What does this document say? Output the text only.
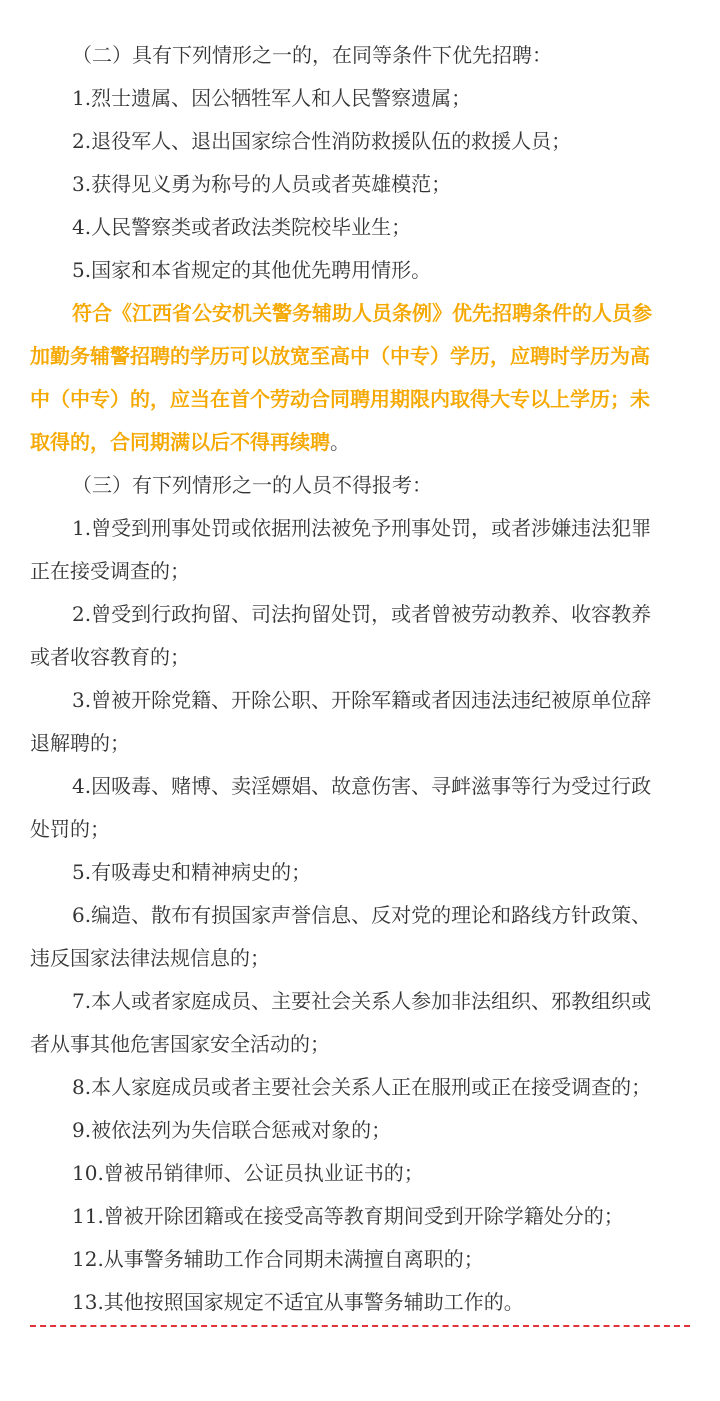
（二）具有下列情形之一的，在同等条件下优先招聘：
1.烈士遗属、因公牺牲军人和人民警察遗属；
2.退役军人、退出国家综合性消防救援队伍的救援人员；
3.获得见义勇为称号的人员或者英雄模范；
4.人民警察类或者政法类院校毕业生；
5.国家和本省规定的其他优先聘用情形。
符合《江西省公安机关警务辅助人员条例》优先招聘条件的人员参
加勤务辅警招聘的学历可以放宽至高中（中专）学历，应聘时学历为高
中（中专）的，应当在首个劳动合同聘用期限内取得大专以上学历；未
取得的，合同期满以后不得再续聘。
（三）有下列情形之一的人员不得报考：
1.曾受到刑事处罚或依据刑法被免予刑事处罚，或者涉嫌违法犯罪
正在接受调查的；
2.曾受到行政拘留、司法拘留处罚，或者曾被劳动教养、收容教养
或者收容教育的；
3.曾被开除党籍、开除公职、开除军籍或者因违法违纪被原单位辞
退解聘的；
4.因吸毒、赌博、卖淫嫖娼、故意伤害、寻衅滋事等行为受过行政
处罚的；
5.有吸毒史和精神病史的；
6.编造、散布有损国家声誉信息、反对党的理论和路线方针政策、
违反国家法律法规信息的；
7.本人或者家庭成员、主要社会关系人参加非法组织、邪教组织或
者从事其他危害国家安全活动的；
8.本人家庭成员或者主要社会关系人正在服刑或正在接受调查的；
9.被依法列为失信联合惩戒对象的；
10.曾被吊销律师、公证员执业证书的；
11.曾被开除团籍或在接受高等教育期间受到开除学籍处分的；
12.从事警务辅助工作合同期未满擅自离职的；
13.其他按照国家规定不适宜从事警务辅助工作的。
